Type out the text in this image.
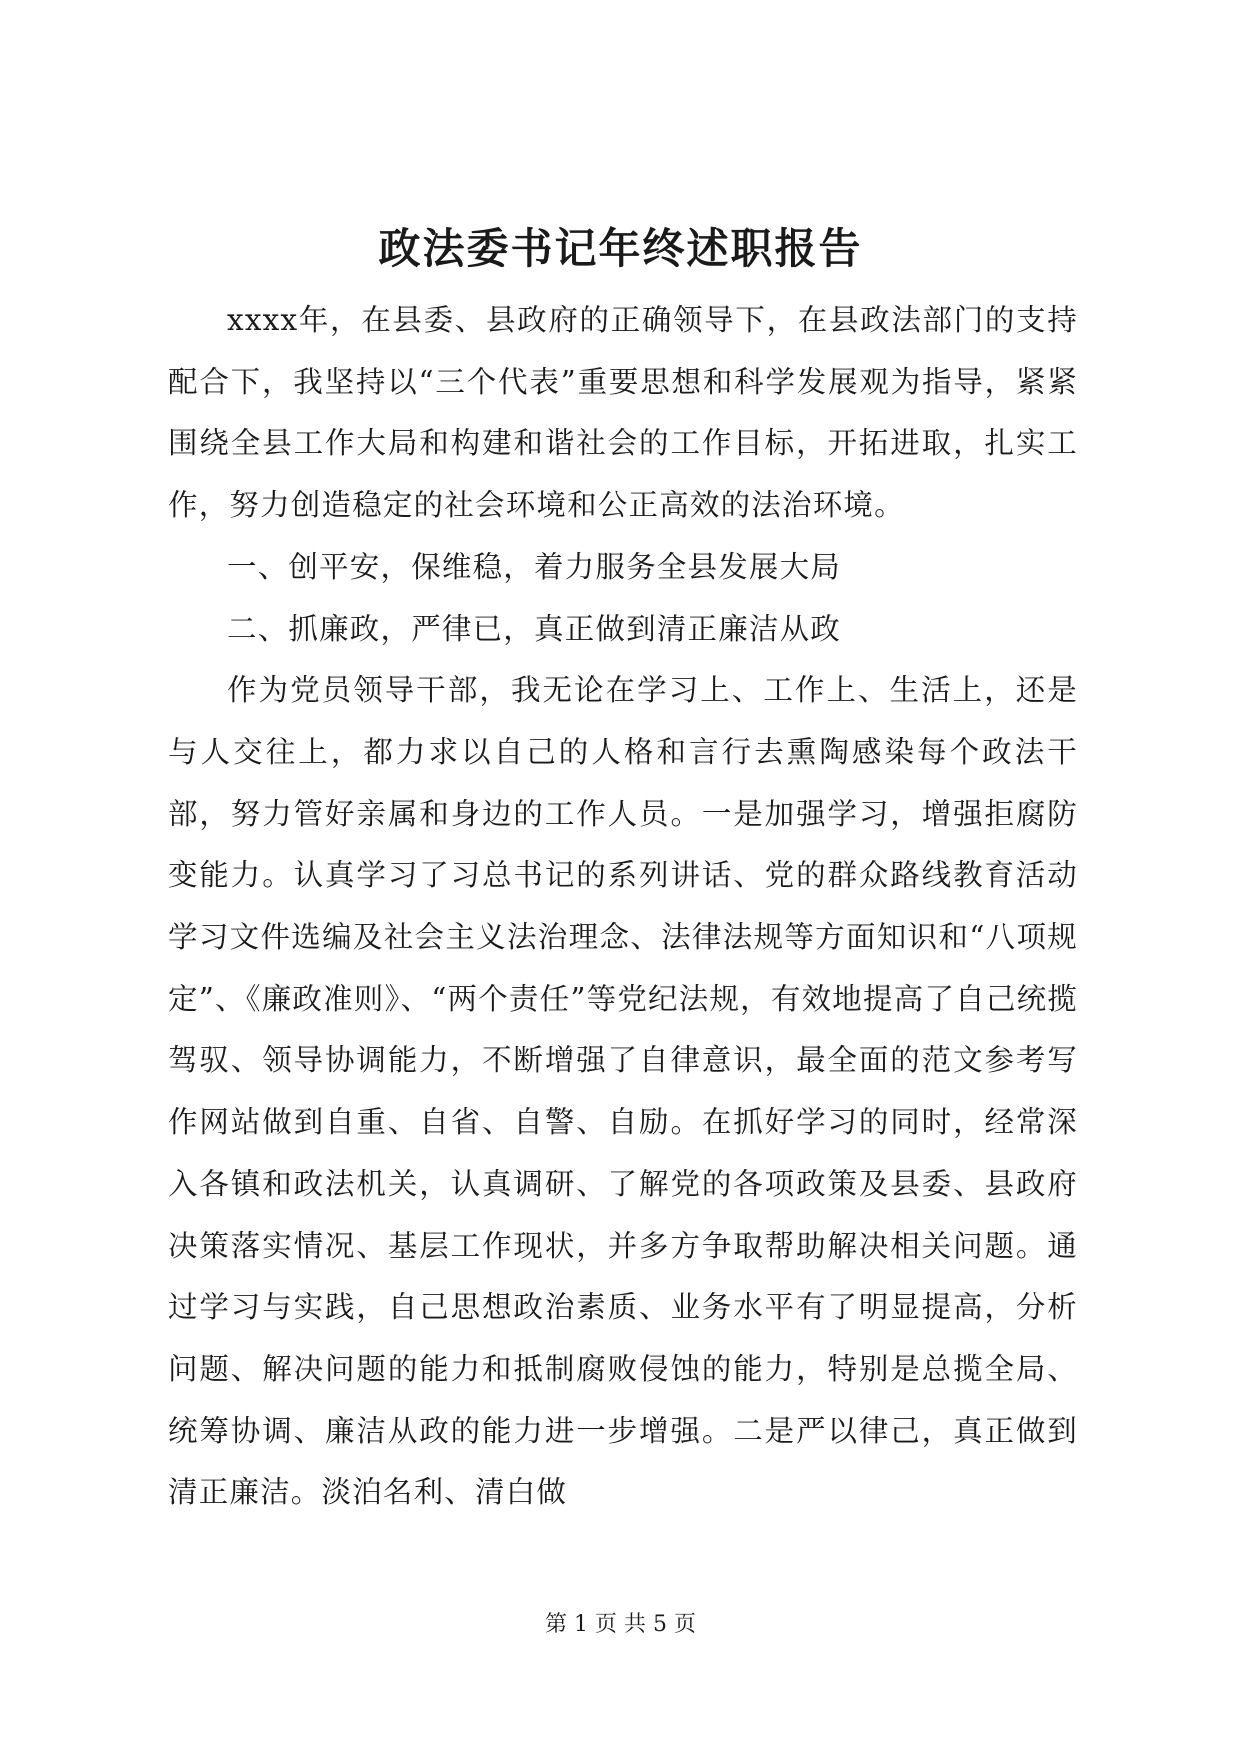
政法委书记年终述职报告

xxxx年，在县委、县政府的正确领导下，在县政法部门的支持配合下，我坚持以“三个代表”重要思想和科学发展观为指导，紧紧围绕全县工作大局和构建和谐社会的工作目标，开拓进取，扎实工作，努力创造稳定的社会环境和公正高效的法治环境。

一、创平安，保维稳，着力服务全县发展大局

二、抓廉政，严律已，真正做到清正廉洁从政

作为党员领导干部，我无论在学习上、工作上、生活上，还是与人交往上，都力求以自己的人格和言行去熏陶感染每个政法干部，努力管好亲属和身边的工作人员。一是加强学习，增强拒腐防变能力。认真学习了习总书记的系列讲话、党的群众路线教育活动学习文件选编及社会主义法治理念、法律法规等方面知识和“八项规定”、《廉政准则》、“两个责任”等党纪法规，有效地提高了自己统揽驾驭、领导协调能力，不断增强了自律意识，最全面的范文参考写作网站做到自重、自省、自警、自励。在抓好学习的同时，经常深入各镇和政法机关，认真调研、了解党的各项政策及县委、县政府决策落实情况、基层工作现状，并多方争取帮助解决相关问题。通过学习与实践，自己思想政治素质、业务水平有了明显提高，分析问题、解决问题的能力和抵制腐败侵蚀的能力，特别是总揽全局、统筹协调、廉洁从政的能力进一步增强。二是严以律己，真正做到清正廉洁。淡泊名利、清白做

第 1 页 共 5 页
